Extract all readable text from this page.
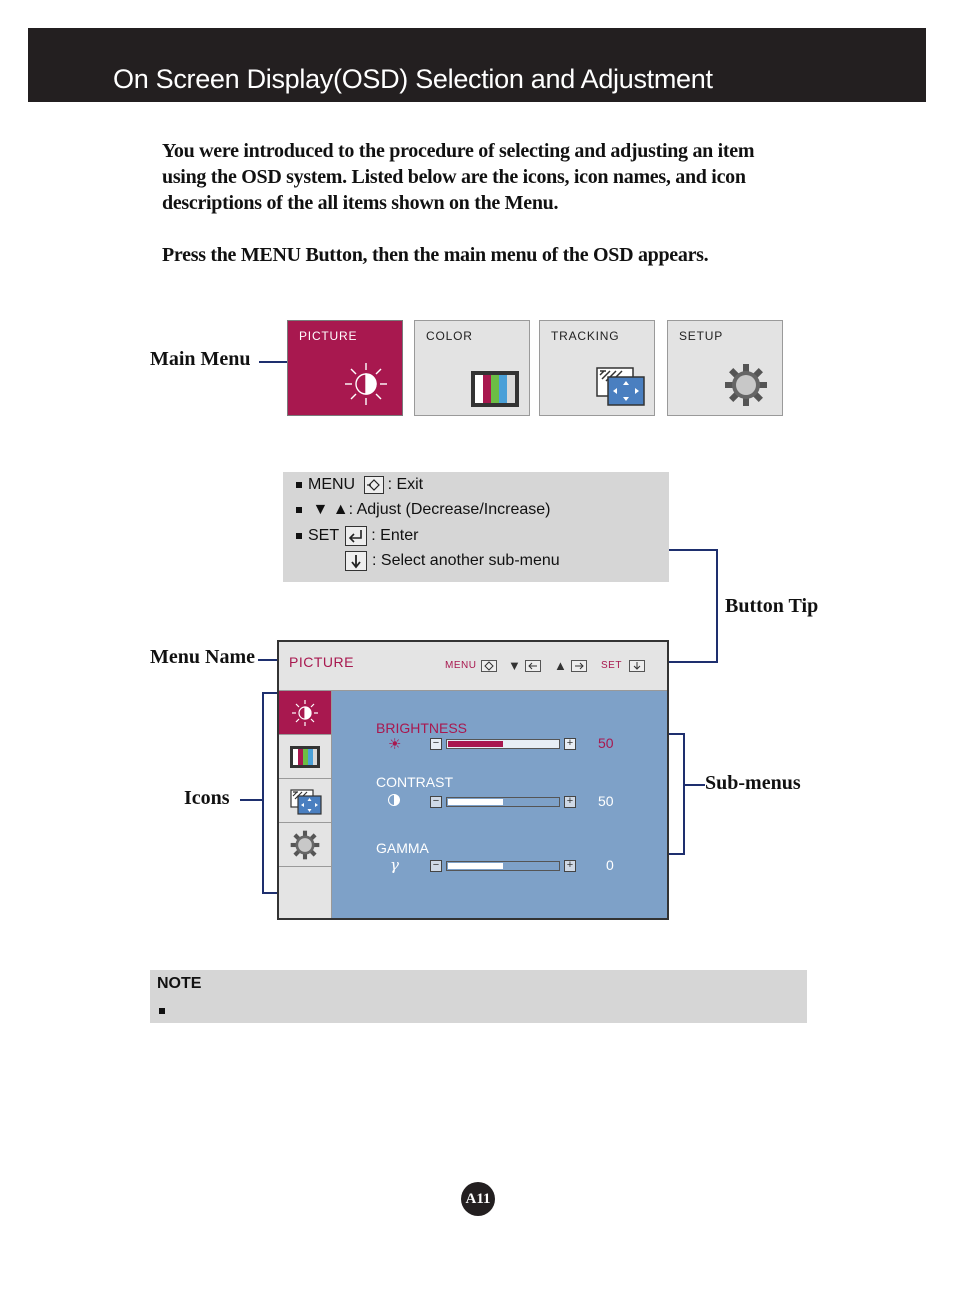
On Screen Display(OSD) Selection and Adjustment
You were introduced to the procedure of selecting and adjusting an item
using the OSD system. Listed below are the icons, icon names, and icon
descriptions of the all items shown on the Menu.
Press the MENU Button, then the main menu of the OSD appears.
Main Menu
PICTURE	COLOR	TRACKING	SETUP
MENU : Exit
▼ ▲: Adjust (Decrease/Increase)
SET : Enter
: Select another sub-menu
Button Tip
Menu Name
Icons
Sub-menus
PICTURE	MENU ▼	▲	SET
BRIGHTNESS
☀	−	+ 50
CONTRAST
−	+ 50
GAMMA
γ	−	+ 0
NOTE
A11
